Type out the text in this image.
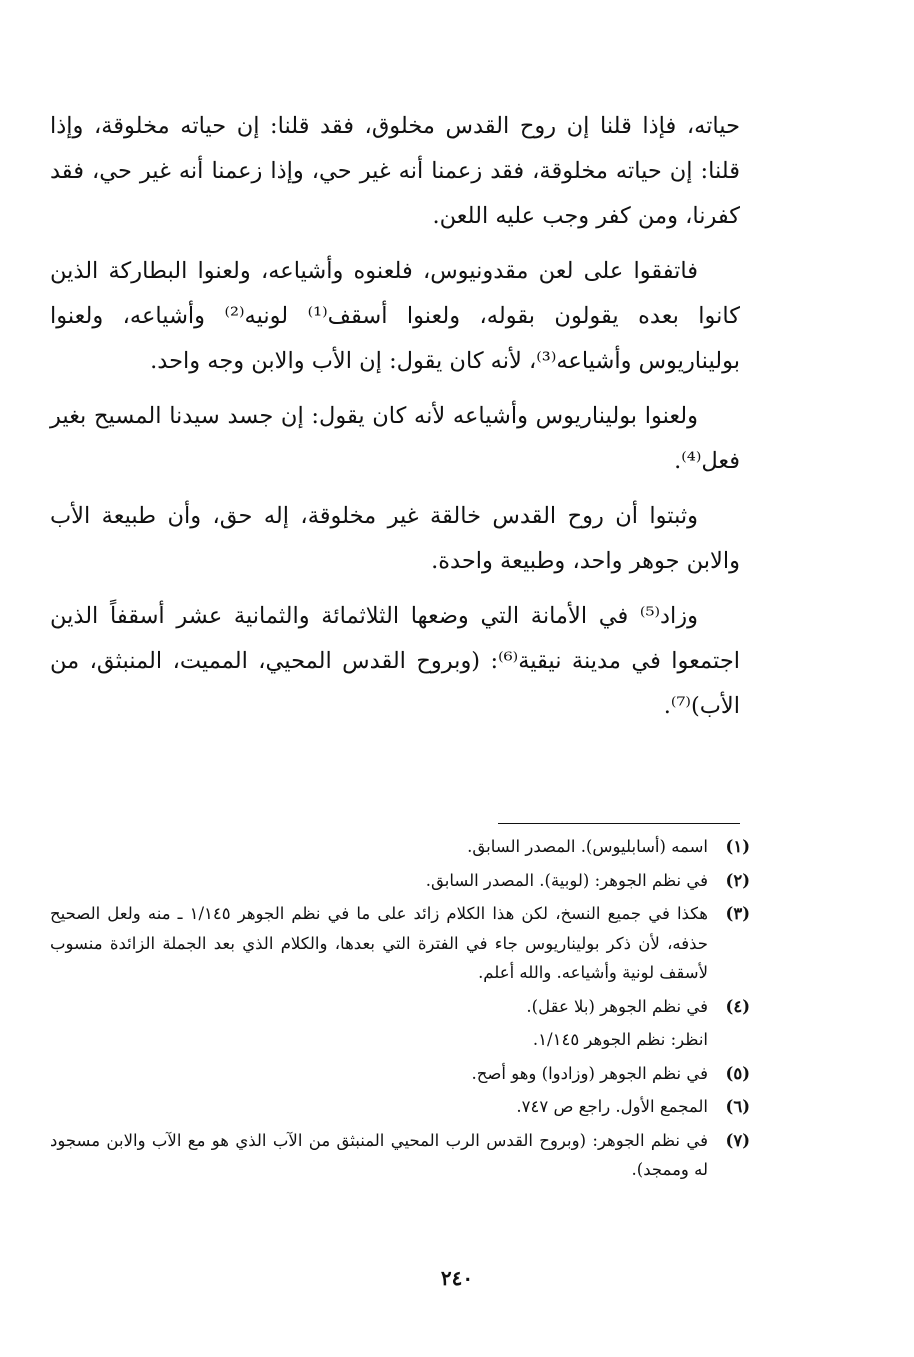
حياته، فإذا قلنا إن روح القدس مخلوق، فقد قلنا: إن حياته مخلوقة، وإذا قلنا: إن حياته مخلوقة، فقد زعمنا أنه غير حي، وإذا زعمنا أنه غير حي، فقد كفرنا، ومن كفر وجب عليه اللعن.

فاتفقوا على لعن مقدونيوس، فلعنوه وأشياعه، ولعنوا البطاركة الذين كانوا بعده يقولون بقوله، ولعنوا أسقف⁽¹⁾ لونيه⁽²⁾ وأشياعه، ولعنوا بوليناريوس وأشياعه⁽³⁾، لأنه كان يقول: إن الأب والابن وجه واحد.

ولعنوا بوليناريوس وأشياعه لأنه كان يقول: إن جسد سيدنا المسيح بغير فعل⁽⁴⁾.

وثبتوا أن روح القدس خالقة غير مخلوقة، إله حق، وأن طبيعة الأب والابن جوهر واحد، وطبيعة واحدة.

وزاد⁽⁵⁾ في الأمانة التي وضعها الثلاثمائة والثمانية عشر أسقفاً الذين اجتمعوا في مدينة نيقية⁽⁶⁾: (وبروح القدس المحيي، المميت، المنبثق، من الأب)⁽⁷⁾.

(١)
اسمه (أسابليوس). المصدر السابق.
(٢)
في نظم الجوهر: (لوبية). المصدر السابق.
(٣)
هكذا في جميع النسخ، لكن هذا الكلام زائد على ما في نظم الجوهر ١/١٤٥ ـ منه ولعل الصحيح حذفه، لأن ذكر بوليناريوس جاء في الفترة التي بعدها، والكلام الذي بعد الجملة الزائدة منسوب لأسقف لونية وأشياعه. والله أعلم.
(٤)
في نظم الجوهر (بلا عقل).
انظر: نظم الجوهر ١/١٤٥.
(٥)
في نظم الجوهر (وزادوا) وهو أصح.
(٦)
المجمع الأول. راجع ص ٧٤٧.
(٧)
في نظم الجوهر: (وبروح القدس الرب المحيي المنبثق من الآب الذي هو مع الآب والابن مسجود له وممجد).
٢٤٠
